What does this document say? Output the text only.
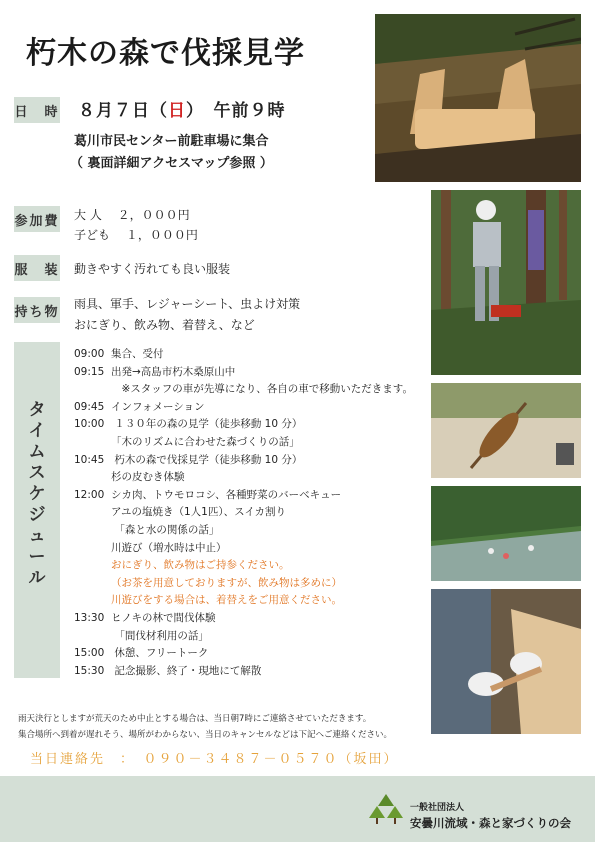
朽木の森で伐採見学
日　時 ８月７日（日）　午前９時
葛川市民センター前駐車場に集合
（ 裏面詳細アクセスマップ参照 ）
参加費 大 人　 ２，０００円
子ども　 １，０００円
服　装 動きやすく汚れても良い服装
持ち物
雨具、軍手、レジャーシート、虫よけ対策
おにぎり、飲み物、着替え、など
タ
イ
ム
ス
ケ
ジ
ュ
ー
ル
09:00 集合、受付
09:15 出発→高島市朽木桑原山中
　※スタッフの車が先導になり、各自の車で移動いただきます。
09:45 インフォメーション
10:00 １３０年の森の見学（徒歩移動 10 分）
「木のリズムに合わせた森づくりの話」
10:45 朽木の森で伐採見学（徒歩移動 10 分）
杉の皮むき体験
12:00 シカ肉、トウモロコシ、各種野菜のバーベキュー
アユの塩焼き（1人1匹）、スイカ割り
「森と水の関係の話」
川遊び（増水時は中止）
おにぎり、飲み物はご持参ください。
（お茶を用意しておりますが、飲み物は多めに）
川遊びをする場合は、着替えをご用意ください。
13:30 ヒノキの林で間伐体験
「間伐材利用の話」
15:00 休憩、フリートーク
15:30 記念撮影、終了・現地にて解散
雨天決行としますが荒天のため中止とする場合は、当日朝7時にご連絡させていただきます。
集合場所へ到着が遅れそう、場所がわからない、当日のキャンセルなどは下記へご連絡ください。
当日連絡先　：　０９０－３４８７－０５７０（坂田）
一般社団法人
安曇川流域・森と家づくりの会
